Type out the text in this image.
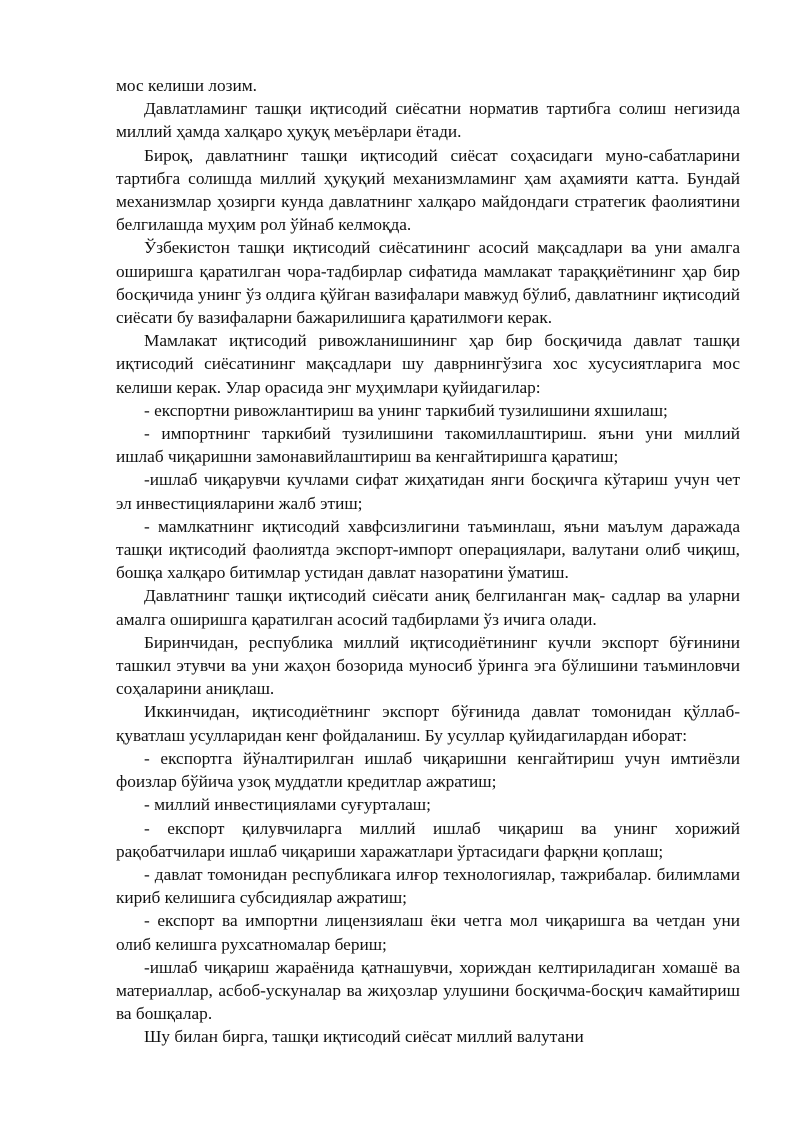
мос келиши лозим.

Давлатламинг ташқи иқтисодий сиёсатни норматив тартибга солиш негизида миллий ҳамда халқаро ҳуқуқ меъёрлари ётади.

Бироқ, давлатнинг ташқи иқтисодий сиёсат соҳасидаги муно-сабатларини тартибга солишда миллий ҳуқуқий механизмламинг ҳам аҳамияти катта. Бундай механизмлар ҳозирги кунда давлатнинг халқаро майдондаги стратегик фаолиятини белгилашда муҳим рол ўйнаб келмоқда.

Ўзбекистон ташқи иқтисодий сиёсатининг асосий мақсадлари ва уни амалга оширишга қаратилган чора-тадбирлар сифатида мамлакат тараққиётининг ҳар бир босқичида унинг ўз олдига қўйган вазифалари мавжуд бўлиб, давлатнинг иқтисодий сиёсати бу вазифаларни бажарилишига қаратилмоғи керак.

Мамлакат иқтисодий ривожланишининг ҳар бир босқичида давлат ташқи иқтисодий сиёсатининг мақсадлари шу даврнингўзига хос хусусиятларига мос келиши керак. Улар орасида энг муҳимлари қуйидагилар:

- експортни ривожлантириш ва унинг таркибий тузилишини яхшилаш;

- импортнинг таркибий тузилишини такомиллаштириш. яъни уни миллий ишлаб чиқаришни замонавийлаштириш ва кенгайтиришга қаратиш;

-ишлаб чиқарувчи кучлами сифат жиҳатидан янги босқичга кўтариш учун чет эл инвестицияларини жалб этиш;

- мамлкатнинг иқтисодий хавфсизлигини таъминлаш, яъни маълум даражада ташқи иқтисодий фаолиятда экспорт-импорт операциялари, валутани олиб чиқиш, бошқа халқаро битимлар устидан давлат назоратини ўматиш.

Давлатнинг ташқи иқтисодий сиёсати аниқ белгиланган мақ- садлар ва уларни амалга оширишга қаратилган асосий тадбирлами ўз ичига олади.

Биринчидан, республика миллий иқтисодиётининг кучли экспорт бўғинини ташкил этувчи ва уни жаҳон бозорида муносиб ўринга эга бўлишини таъминловчи соҳаларини аниқлаш.

Иккинчидан, иқтисодиётнинг экспорт бўғинида давлат томонидан қўллаб-қуватлаш усулларидан кенг фойдаланиш. Бу усуллар қуйидагилардан иборат:

- експортга йўналтирилган ишлаб чиқаришни кенгайтириш учун имтиёзли фоизлар бўйича узоқ муддатли кредитлар ажратиш;

- миллий инвестициялами суғурталаш;

- експорт қилувчиларга миллий ишлаб чиқариш ва унинг хорижий рақобатчилари ишлаб чиқариши харажатлари ўртасидаги фарқни қоплаш;

- давлат томонидан республикага илғор технологиялар, тажрибалар. билимлами кириб келишига субсидиялар ажратиш;

- експорт ва импортни лицензиялаш ёки четга мол чиқаришга ва четдан уни олиб келишга рухсатномалар бериш;

-ишлаб чиқариш жараёнида қатнашувчи, хориждан келтириладиган хомашё ва материаллар, асбоб-ускуналар ва жиҳозлар улушини босқичма-босқич камайтириш ва бошқалар.

Шу билан бирга, ташқи иқтисодий сиёсат миллий валутани
